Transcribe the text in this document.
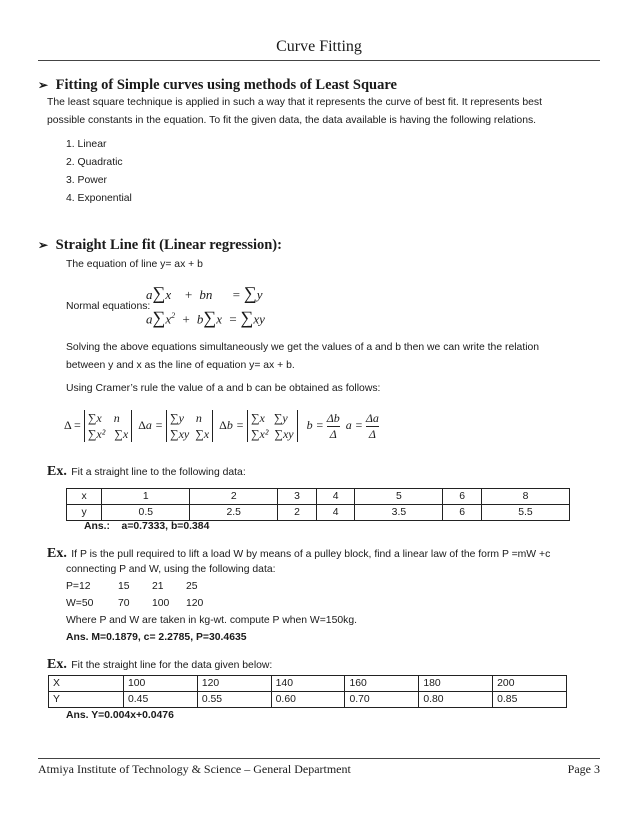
Curve Fitting
➢ Fitting of Simple curves using methods of Least Square
The least square technique is applied in such a way that it represents the curve of best fit. It represents best
possible constants in the equation. To fit the given data, the data available is having the following relations.
1. Linear
2. Quadratic
3. Power
4. Exponential
➢ Straight Line fit (Linear regression):
The equation of line y= ax + b
Normal equations:
a∑x    +  bn      = ∑y
$a\sum x^2 + b\sum x = \sum xy$
Solving the above equations simultaneously we get the values of a and b then we can write the relation
between y and x as the line of equation y= ax + b.
Using Cramer’s rule the value of a and b can be obtained as follows:
Δ = ∑x    n
∑x²   ∑x  Δa = ∑y    n
∑xy  ∑x  Δb = ∑x   ∑y
∑x²  ∑xy   $b = \frac{\Delta b}{\Delta}$  $a = \frac{\Delta a}{\Delta}$
Ex. Fit a straight line to the following data:
x	1	2	3	4	5	6	8
y	0.5	2.5	2	4	3.5	6	5.5
Ans.: a=0.7333, b=0.384
Ex. If P is the pull required to lift a load W by means of a pulley block, find a linear law of the form P =mW +c
connecting P and W, using the following data:
P=12	15 21 25
W=50 70 100 120
Where P and W are taken in kg-wt. compute P when W=150kg.
Ans. M=0.1879, c= 2.2785, P=30.4635
Ex. Fit the straight line for the data given below:
X	100	120	140	160	180	200
Y	0.45	0.55	0.60	0.70	0.80	0.85
Ans. Y=0.004x+0.0476
Atmiya Institute of Technology & Science – General Department	Page 3
